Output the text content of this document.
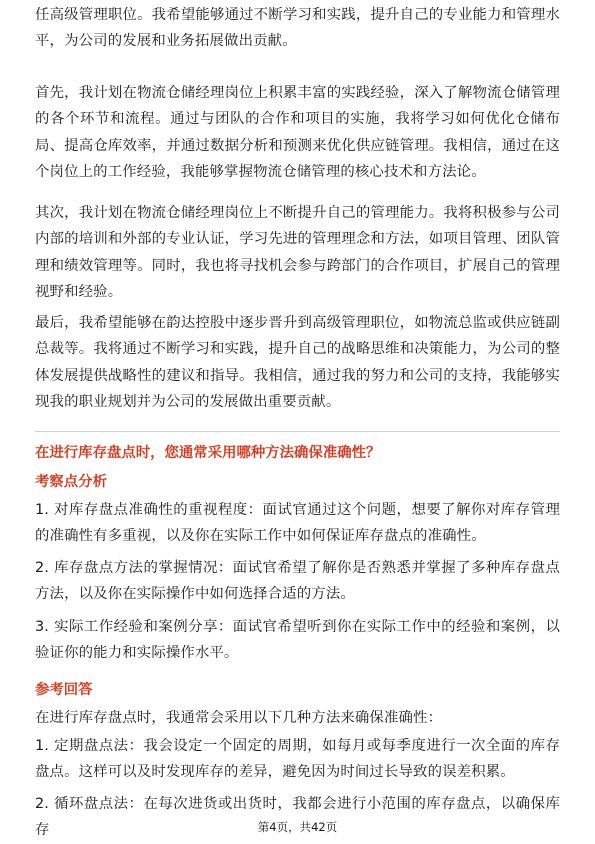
任高级管理职位。我希望能够通过不断学习和实践，提升自己的专业能力和管理水平，为公司的发展和业务拓展做出贡献。

首先，我计划在物流仓储经理岗位上积累丰富的实践经验，深入了解物流仓储管理的各个环节和流程。通过与团队的合作和项目的实施，我将学习如何优化仓储布局、提高仓库效率，并通过数据分析和预测来优化供应链管理。我相信，通过在这个岗位上的工作经验，我能够掌握物流仓储管理的核心技术和方法论。

其次，我计划在物流仓储经理岗位上不断提升自己的管理能力。我将积极参与公司内部的培训和外部的专业认证，学习先进的管理理念和方法，如项目管理、团队管理和绩效管理等。同时，我也将寻找机会参与跨部门的合作项目，扩展自己的管理视野和经验。

最后，我希望能够在韵达控股中逐步晋升到高级管理职位，如物流总监或供应链副总裁等。我将通过不断学习和实践，提升自己的战略思维和决策能力，为公司的整体发展提供战略性的建议和指导。我相信，通过我的努力和公司的支持，我能够实现我的职业规划并为公司的发展做出重要贡献。

在进行库存盘点时，您通常采用哪种方法确保准确性？

考察点分析

1. 对库存盘点准确性的重视程度：面试官通过这个问题，想要了解你对库存管理的准确性有多重视，以及你在实际工作中如何保证库存盘点的准确性。

2. 库存盘点方法的掌握情况：面试官希望了解你是否熟悉并掌握了多种库存盘点方法，以及你在实际操作中如何选择合适的方法。

3. 实际工作经验和案例分享：面试官希望听到你在实际工作中的经验和案例，以验证你的能力和实际操作水平。

参考回答

在进行库存盘点时，我通常会采用以下几种方法来确保准确性：

1. 定期盘点法：我会设定一个固定的周期，如每月或每季度进行一次全面的库存盘点。这样可以及时发现库存的差异，避免因为时间过长导致的误差积累。

2. 循环盘点法：在每次进货或出货时，我都会进行小范围的库存盘点，以确保库存	第4页，共42页
